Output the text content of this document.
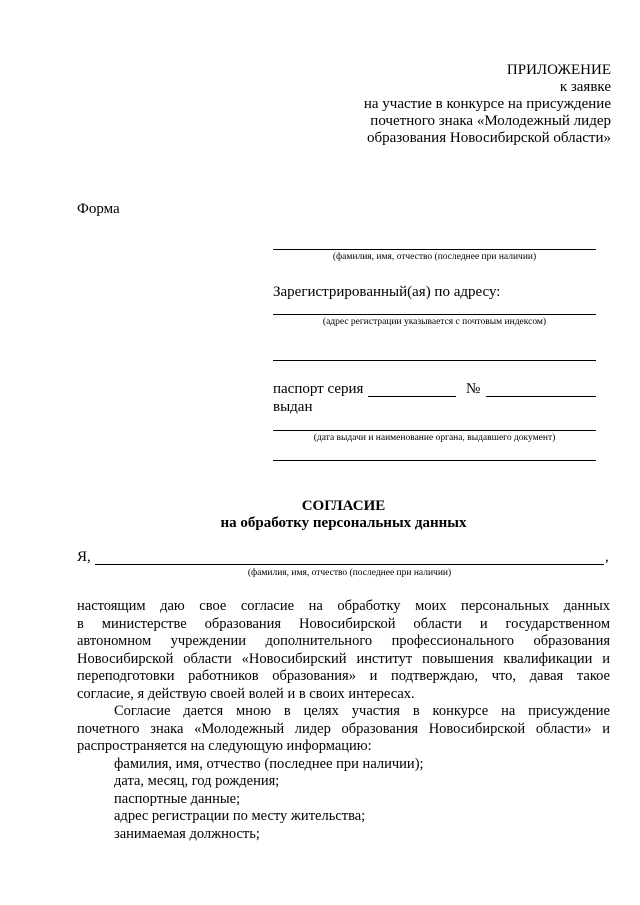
ПРИЛОЖЕНИЕ
к заявке
на участие в конкурсе на присуждение
почетного знака «Молодежный лидер
образования Новосибирской области»
Форма
(фамилия, имя, отчество (последнее при наличии)
Зарегистрированный(ая) по адресу:
(адрес регистрации указывается с почтовым индексом)
паспорт серия	№
выдан
(дата выдачи и наименование органа, выдавшего документ)
СОГЛАСИЕ
на обработку персональных данных
Я,	,
(фамилия, имя, отчество (последнее при наличии)
настоящим даю свое согласие на обработку моих персональных данных
в министерстве образования Новосибирской области и государственном
автономном учреждении дополнительного профессионального образования
Новосибирской области «Новосибирский институт повышения квалификации и
переподготовки работников образования» и подтверждаю, что, давая такое
согласие, я действую своей волей и в своих интересах.
Согласие дается мною в целях участия в конкурсе на присуждение
почетного знака «Молодежный лидер образования Новосибирской области» и
распространяется на следующую информацию:
фамилия, имя, отчество (последнее при наличии);
дата, месяц, год рождения;
паспортные данные;
адрес регистрации по месту жительства;
занимаемая должность;
